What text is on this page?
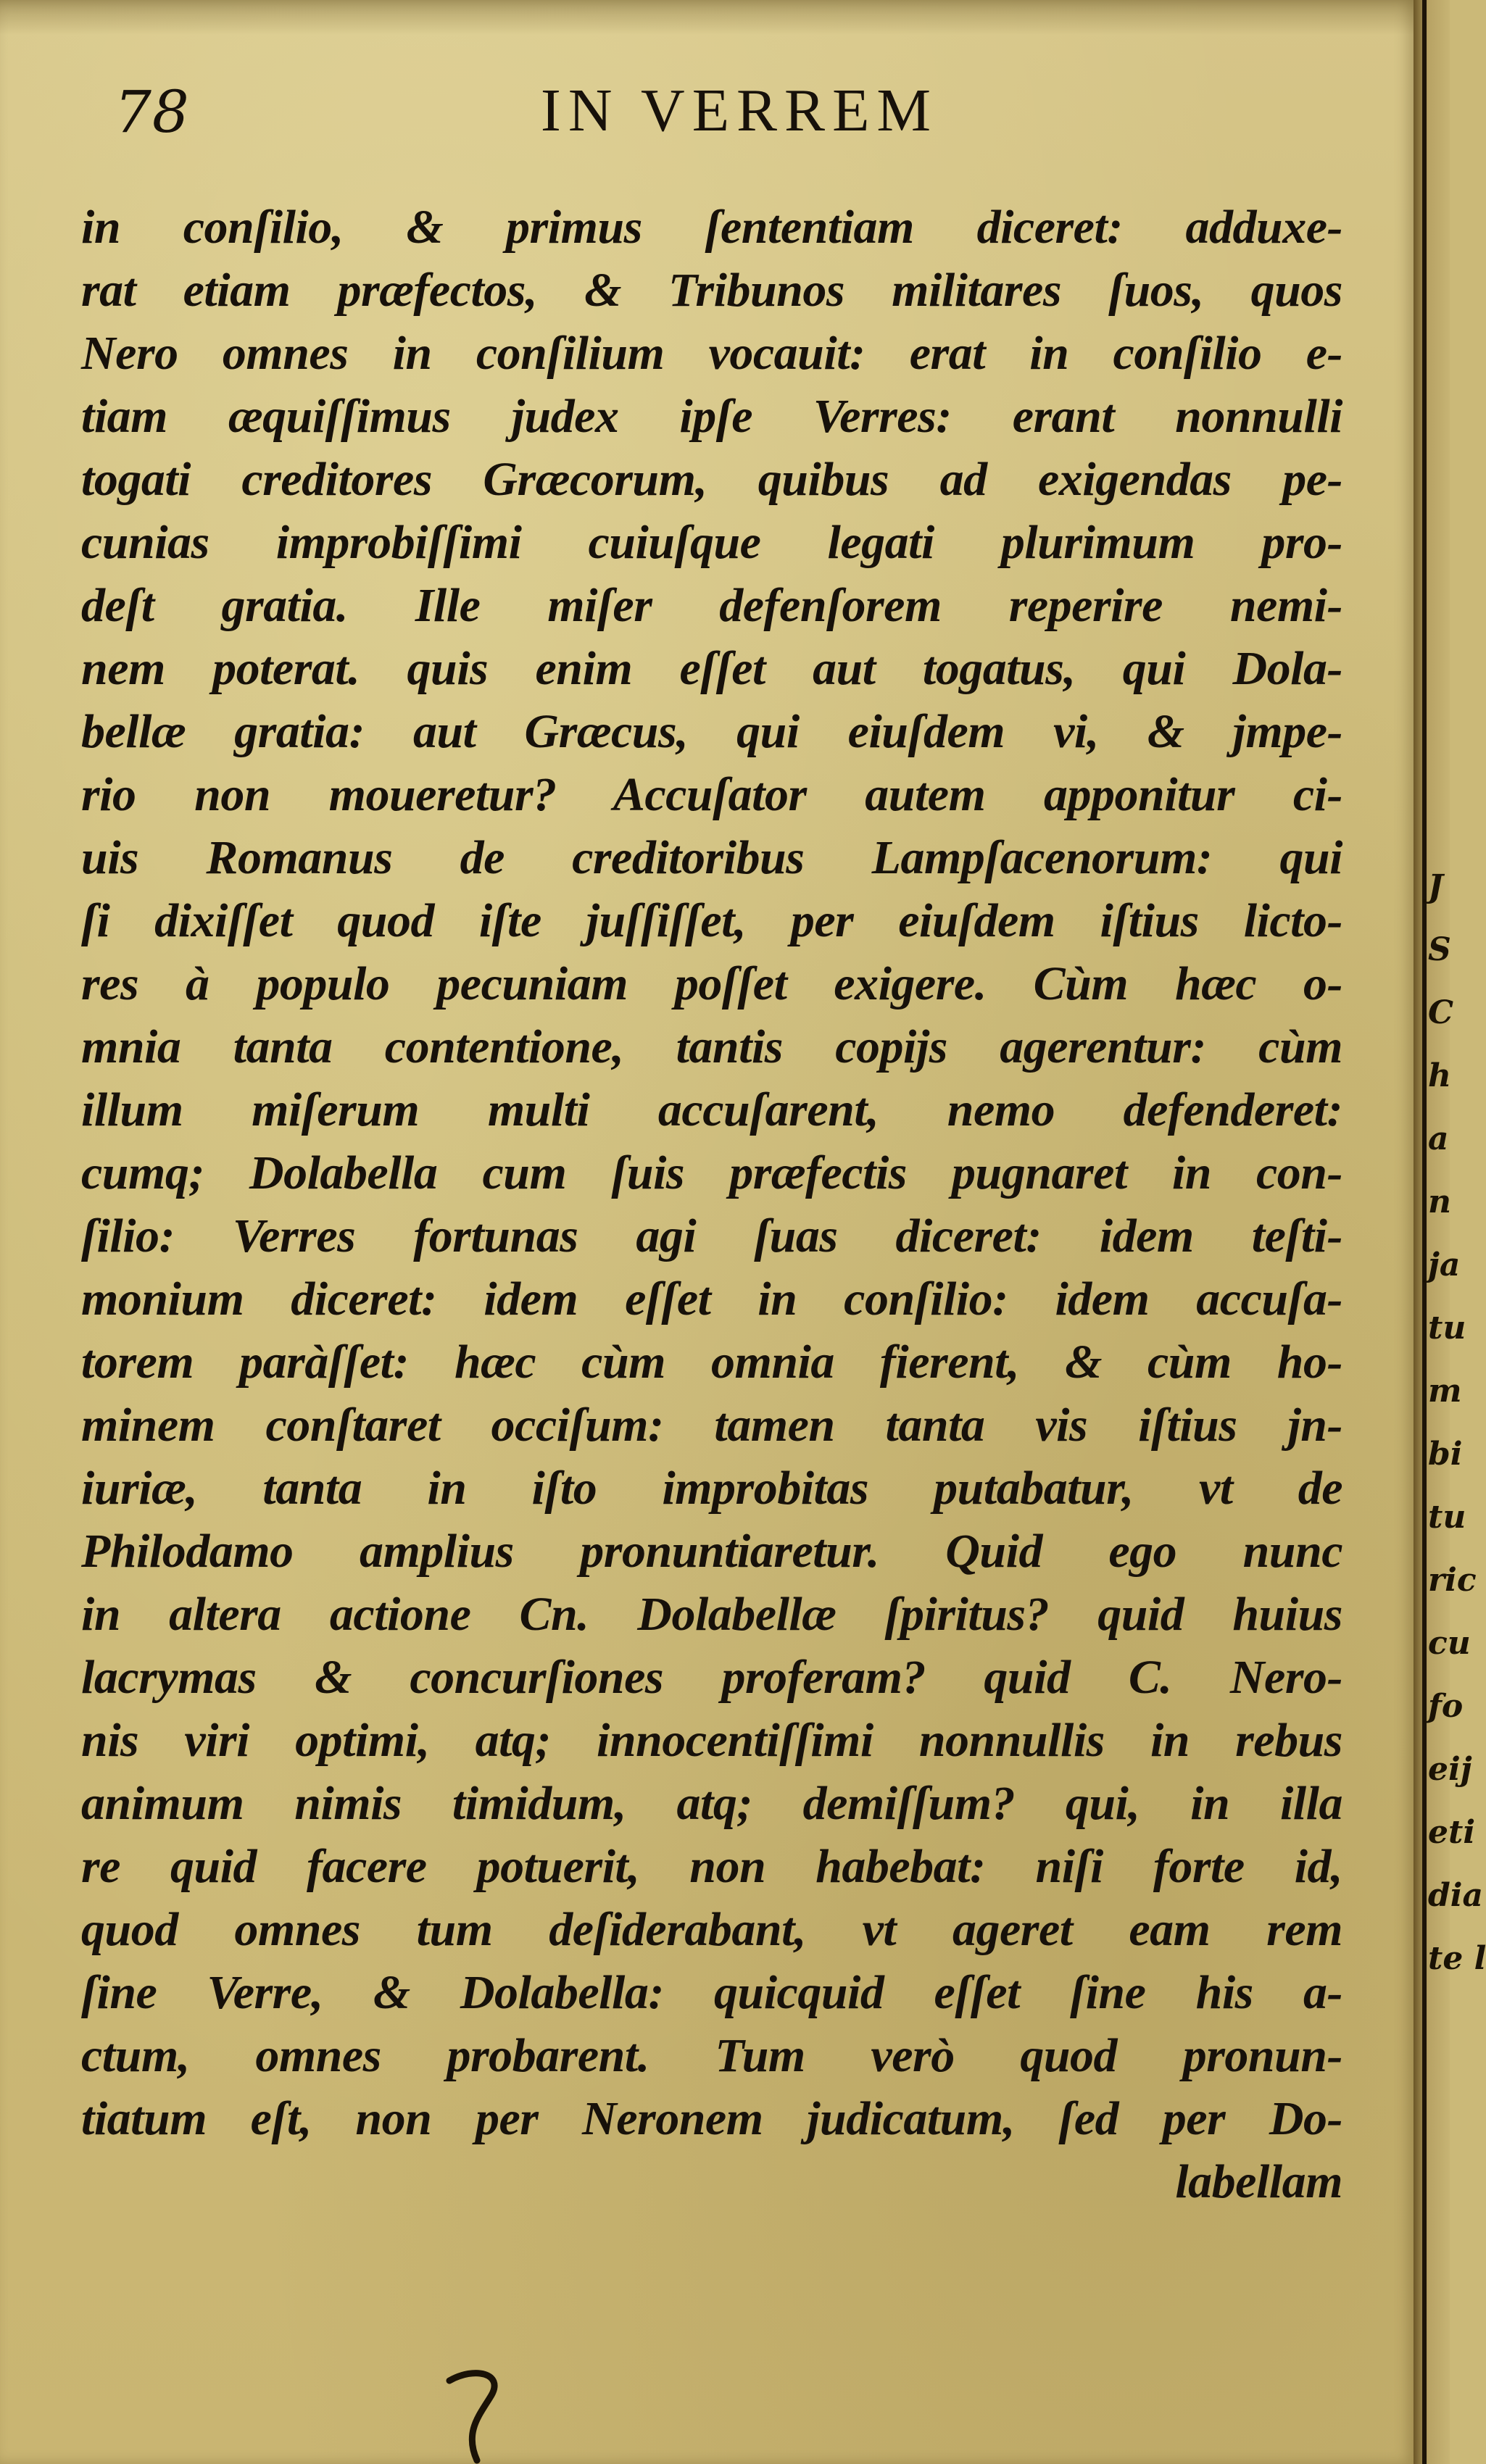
78	IN VERREM
in conſilio, & primus ſententiam diceret: adduxe-
rat etiam præfectos, & Tribunos militares ſuos, quos
Nero omnes in conſilium vocauit: erat in conſilio e-
tiam æquiſſimus judex ipſe Verres: erant nonnulli
togati creditores Græcorum, quibus ad exigendas pe-
cunias improbiſſimi cuiuſque legati plurimum pro-
deſt gratia. Ille miſer defenſorem reperire nemi-
nem poterat. quis enim eſſet aut togatus, qui Dola-
bellæ gratia: aut Græcus, qui eiuſdem vi, & jmpe-
rio non moueretur? Accuſator autem apponitur ci-
uis Romanus de creditoribus Lampſacenorum: qui
ſi dixiſſet quod iſte juſſiſſet, per eiuſdem iſtius licto-
res à populo pecuniam poſſet exigere. Cùm hæc o-
mnia tanta contentione, tantis copijs agerentur: cùm
illum miſerum multi accuſarent, nemo defenderet:
cumq; Dolabella cum ſuis præfectis pugnaret in con-
ſilio: Verres fortunas agi ſuas diceret: idem teſti-
monium diceret: idem eſſet in conſilio: idem accuſa-
torem paràſſet: hæc cùm omnia fierent, & cùm ho-
minem conſtaret occiſum: tamen tanta vis iſtius jn-
iuriæ, tanta in iſto improbitas putabatur, vt de
Philodamo amplius pronuntiaretur. Quid ego nunc
in altera actione Cn. Dolabellæ ſpiritus? quid huius
lacrymas & concurſiones proferam? quid C. Nero-
nis viri optimi, atq; innocentiſſimi nonnullis in rebus
animum nimis timidum, atq; demiſſum? qui, in illa
re quid facere potuerit, non habebat: niſi forte id,
quod omnes tum deſiderabant, vt ageret eam rem
ſine Verre, & Dolabella: quicquid eſſet ſine his a-
ctum, omnes probarent. Tum verò quod pronun-
tiatum eſt, non per Neronem judicatum, ſed per Do-
labellam
J
S
C
h
a
n
ja
tu
m
bi
tu
ric
cu
fo
eij
eti
dia
te l
